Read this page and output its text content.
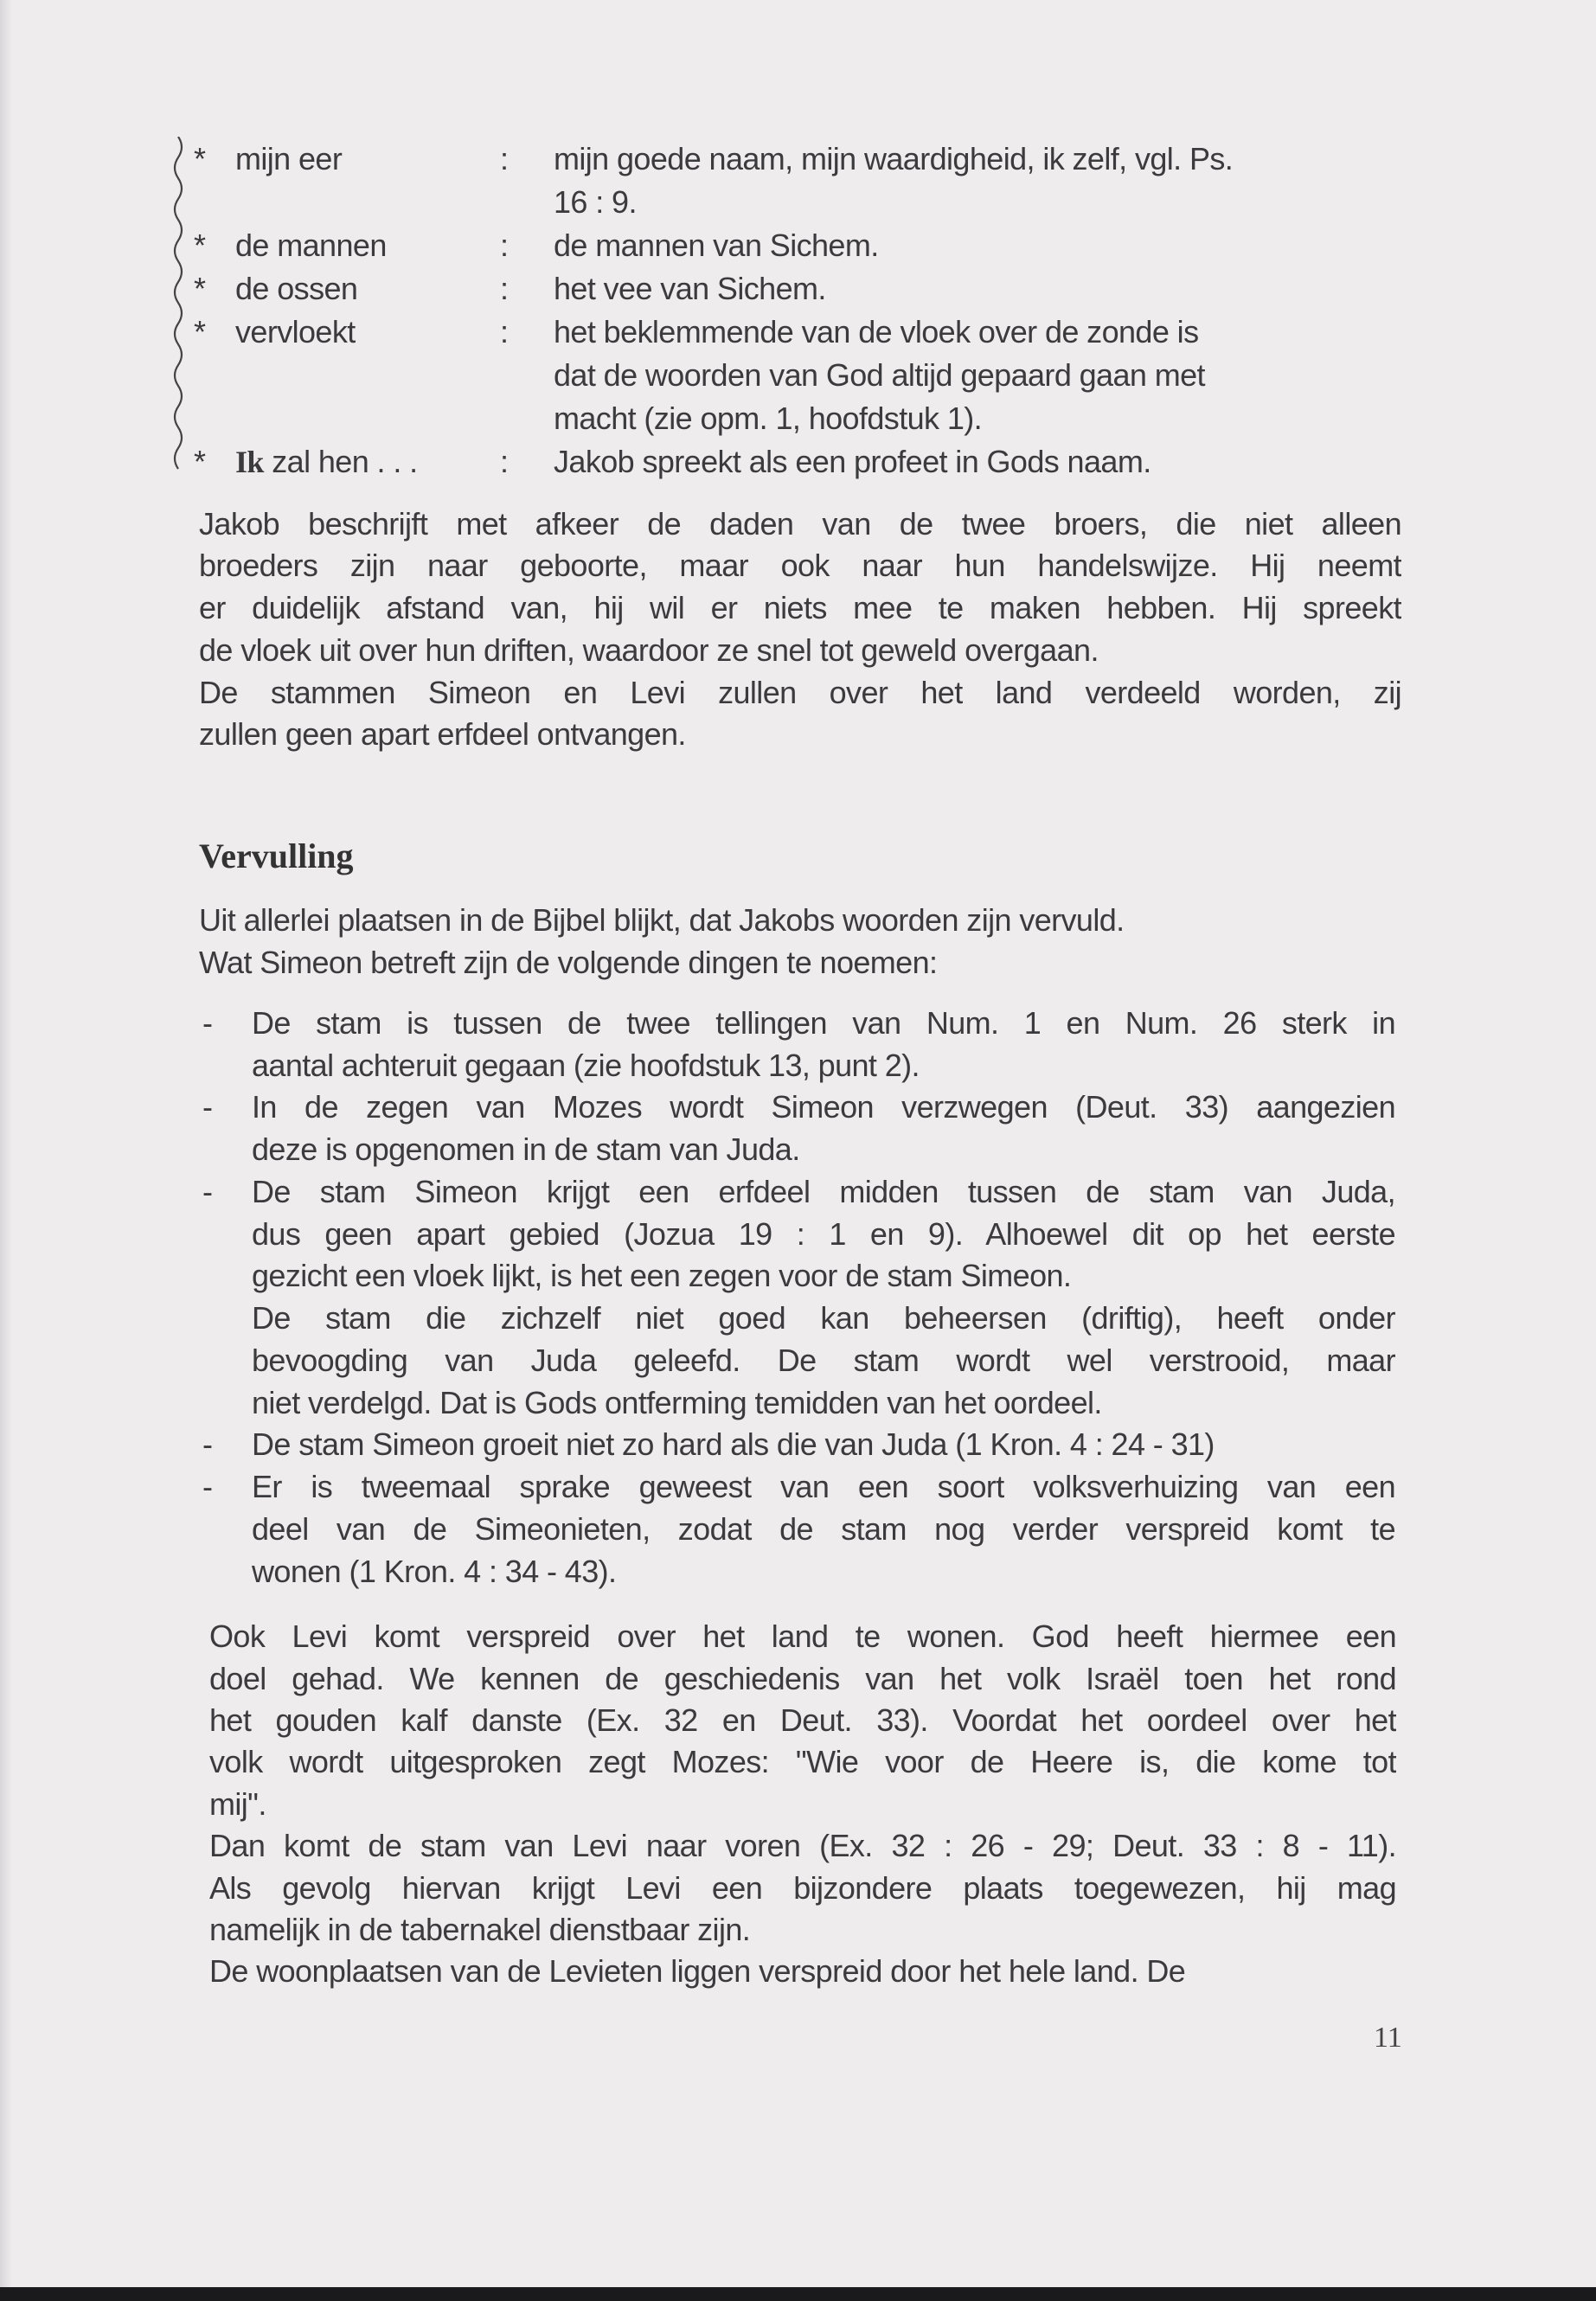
* mijn eer	: mijn goede naam, mijn waardigheid, ik zelf, vgl. Ps.
16 : 9.
* de mannen	: de mannen van Sichem.
* de ossen	: het vee van Sichem.
* vervloekt	: het beklemmende van de vloek over de zonde is
dat de woorden van God altijd gepaard gaan met
macht (zie opm. 1, hoofdstuk 1).
* Ik zal hen . . .	: Jakob spreekt als een profeet in Gods naam.
Jakob beschrijft met afkeer de daden van de twee broers, die niet alleen
broeders zijn naar geboorte, maar ook naar hun handelswijze. Hij neemt
er duidelijk afstand van, hij wil er niets mee te maken hebben. Hij spreekt
de vloek uit over hun driften, waardoor ze snel tot geweld overgaan.
De stammen Simeon en Levi zullen over het land verdeeld worden, zij
zullen geen apart erfdeel ontvangen.
Uit allerlei plaatsen in de Bijbel blijkt, dat Jakobs woorden zijn vervuld.
Wat Simeon betreft zijn de volgende dingen te noemen:
- De stam is tussen de twee tellingen van Num. 1 en Num. 26 sterk in
aantal achteruit gegaan (zie hoofdstuk 13, punt 2).
- In de zegen van Mozes wordt Simeon verzwegen (Deut. 33) aangezien
deze is opgenomen in de stam van Juda.
- De stam Simeon krijgt een erfdeel midden tussen de stam van Juda,
dus geen apart gebied (Jozua 19 : 1 en 9). Alhoewel dit op het eerste
gezicht een vloek lijkt, is het een zegen voor de stam Simeon.
De stam die zichzelf niet goed kan beheersen (driftig), heeft onder
bevoogding van Juda geleefd. De stam wordt wel verstrooid, maar
niet verdelgd. Dat is Gods ontferming temidden van het oordeel.
- De stam Simeon groeit niet zo hard als die van Juda (1 Kron. 4 : 24 - 31)
- Er is tweemaal sprake geweest van een soort volksverhuizing van een
deel van de Simeonieten, zodat de stam nog verder verspreid komt te
wonen (1 Kron. 4 : 34 - 43).
Ook Levi komt verspreid over het land te wonen. God heeft hiermee een
doel gehad. We kennen de geschiedenis van het volk Israël toen het rond
het gouden kalf danste (Ex. 32 en Deut. 33). Voordat het oordeel over het
volk wordt uitgesproken zegt Mozes: "Wie voor de Heere is, die kome tot
mij".
Dan komt de stam van Levi naar voren (Ex. 32 : 26 - 29; Deut. 33 : 8 - 11).
Als gevolg hiervan krijgt Levi een bijzondere plaats toegewezen, hij mag
namelijk in de tabernakel dienstbaar zijn.
De woonplaatsen van de Levieten liggen verspreid door het hele land. De
Vervulling
11
